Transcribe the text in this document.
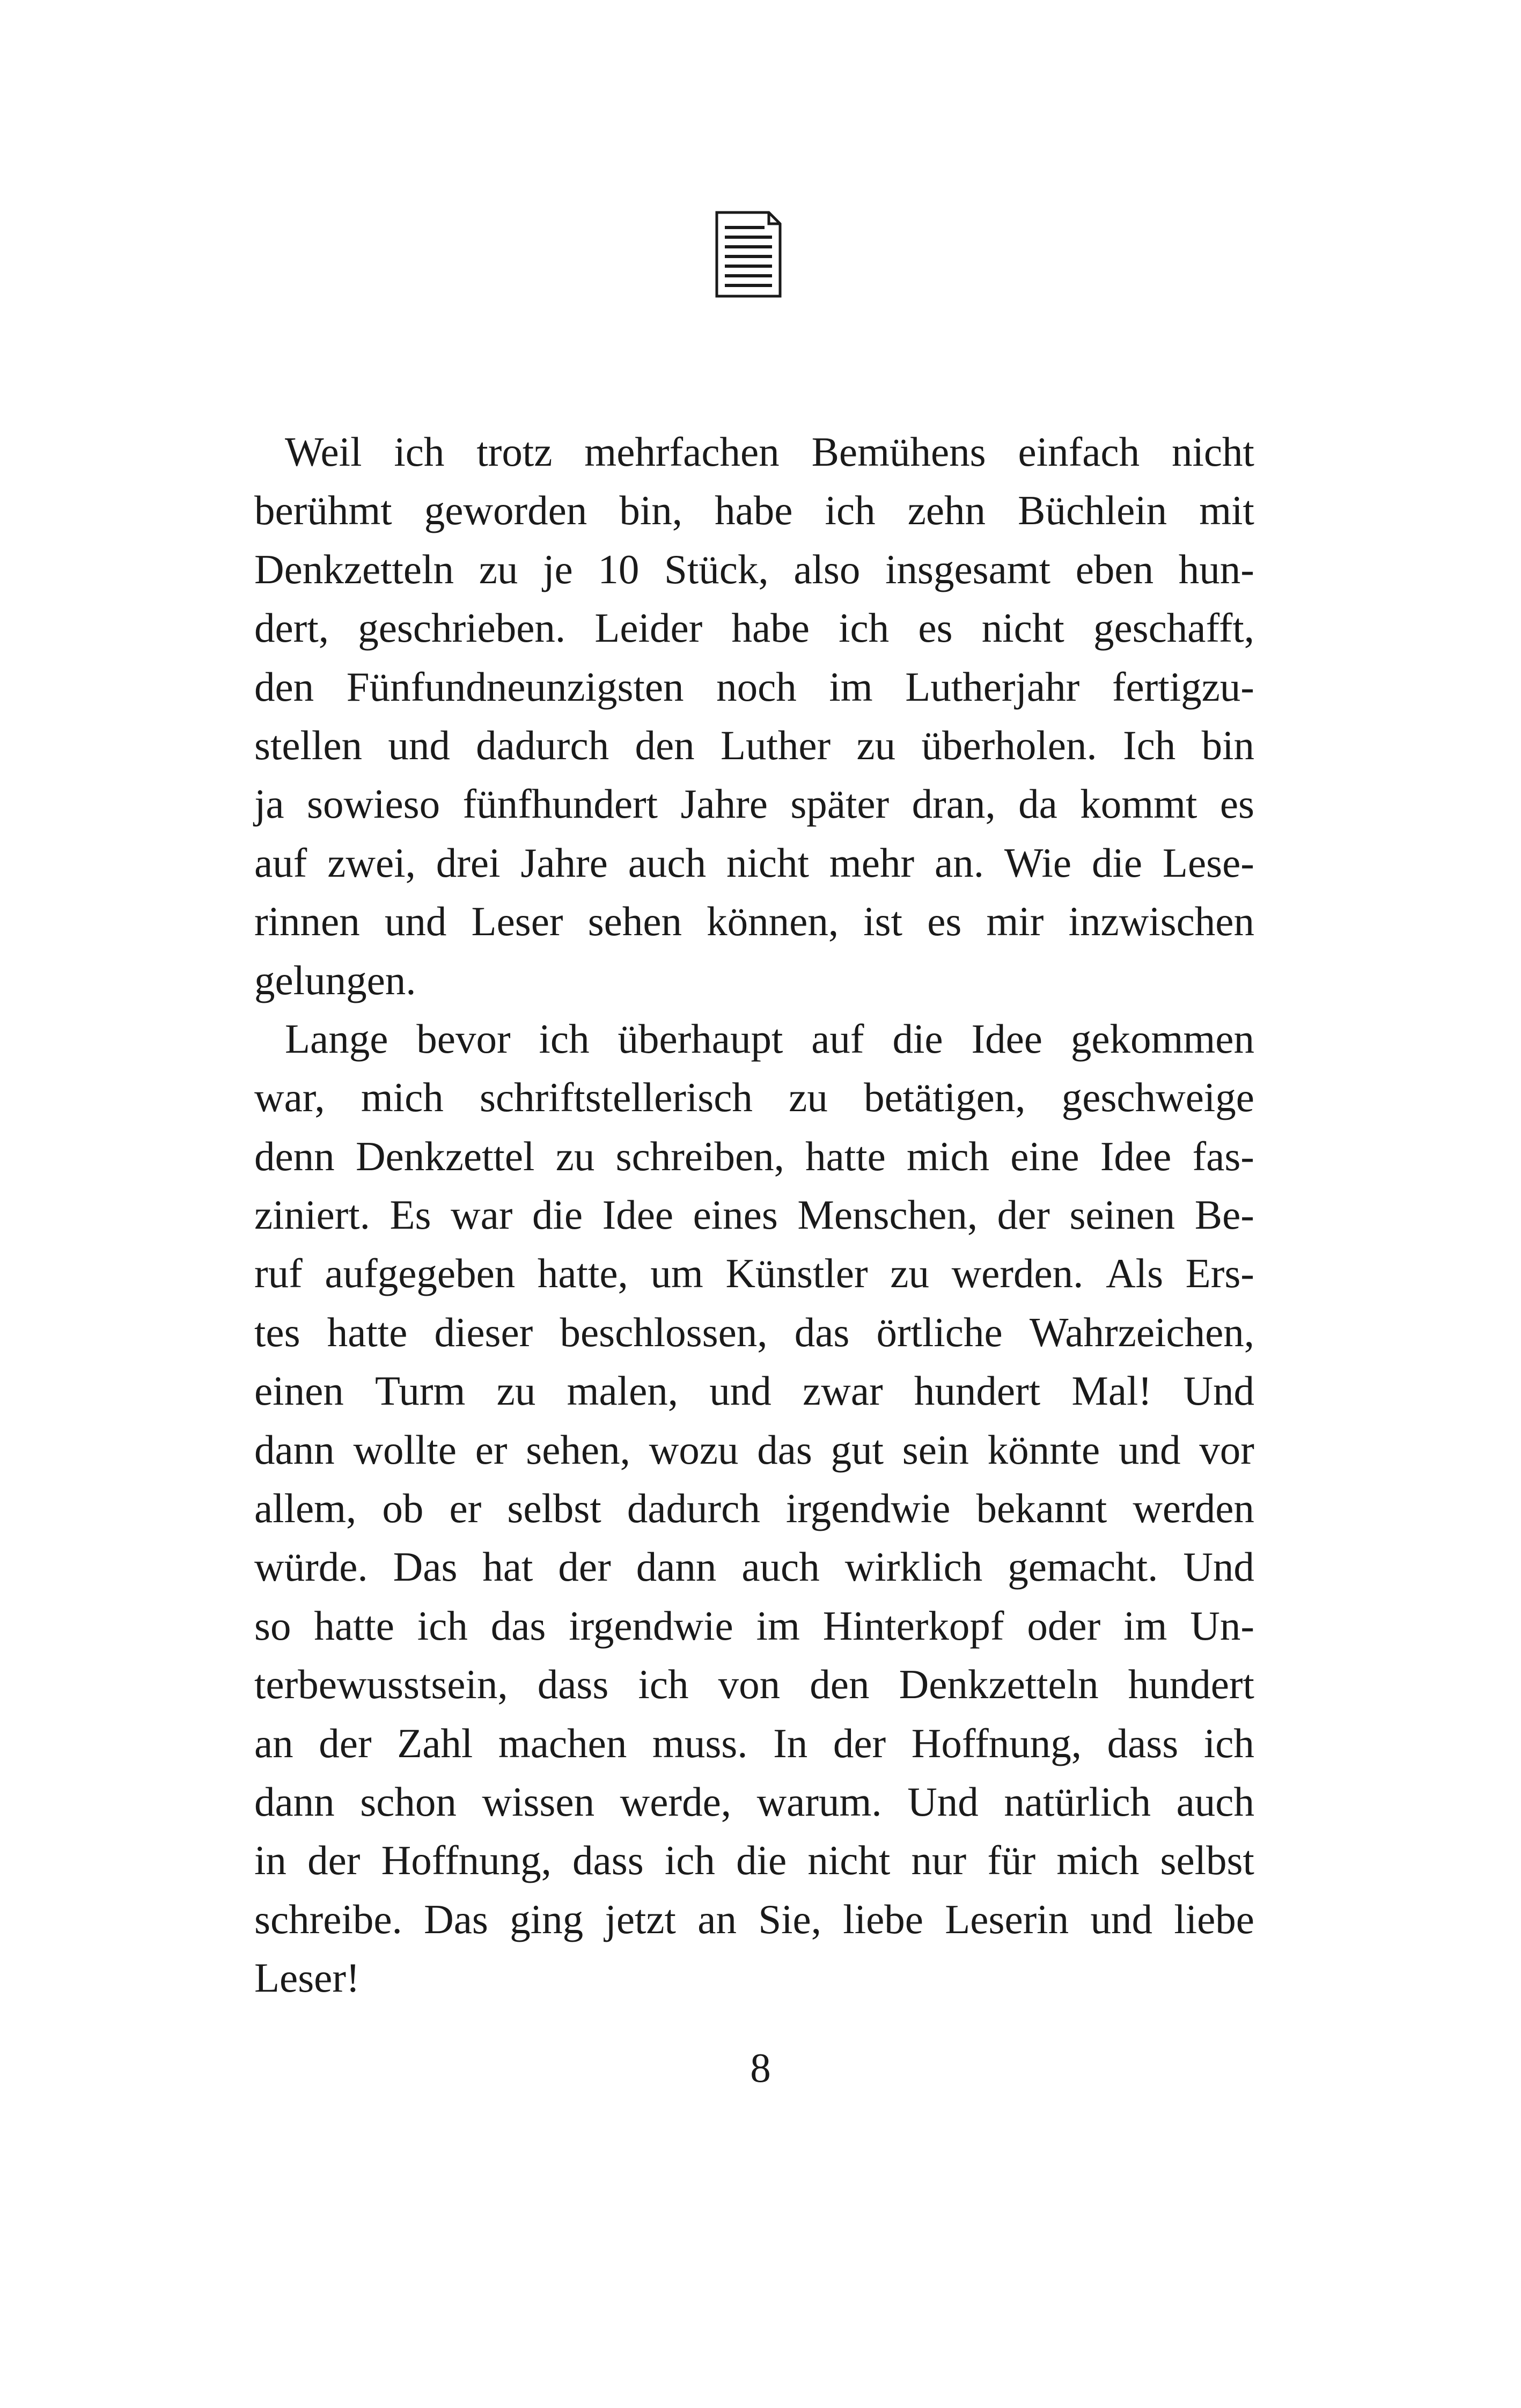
Weil ich trotz mehrfachen Bemühens einfach nicht
berühmt geworden bin, habe ich zehn Büchlein mit
Denkzetteln zu je 10 Stück, also insgesamt eben hun-
dert, geschrieben. Leider habe ich es nicht geschafft,
den Fünfundneunzigsten noch im Lutherjahr fertigzu-
stellen und dadurch den Luther zu überholen. Ich bin
ja sowieso fünfhundert Jahre später dran, da kommt es
auf zwei, drei Jahre auch nicht mehr an. Wie die Lese-
rinnen und Leser sehen können, ist es mir inzwischen
gelungen.
Lange bevor ich überhaupt auf die Idee gekommen
war, mich schriftstellerisch zu betätigen, geschweige
denn Denkzettel zu schreiben, hatte mich eine Idee fas-
ziniert. Es war die Idee eines Menschen, der seinen Be-
ruf aufgegeben hatte, um Künstler zu werden. Als Ers-
tes hatte dieser beschlossen, das örtliche Wahrzeichen,
einen Turm zu malen, und zwar hundert Mal! Und
dann wollte er sehen, wozu das gut sein könnte und vor
allem, ob er selbst dadurch irgendwie bekannt werden
würde. Das hat der dann auch wirklich gemacht. Und
so hatte ich das irgendwie im Hinterkopf oder im Un-
terbewusstsein, dass ich von den Denkzetteln hundert
an der Zahl machen muss. In der Hoffnung, dass ich
dann schon wissen werde, warum. Und natürlich auch
in der Hoffnung, dass ich die nicht nur für mich selbst
schreibe. Das ging jetzt an Sie, liebe Leserin und liebe
Leser!
8
